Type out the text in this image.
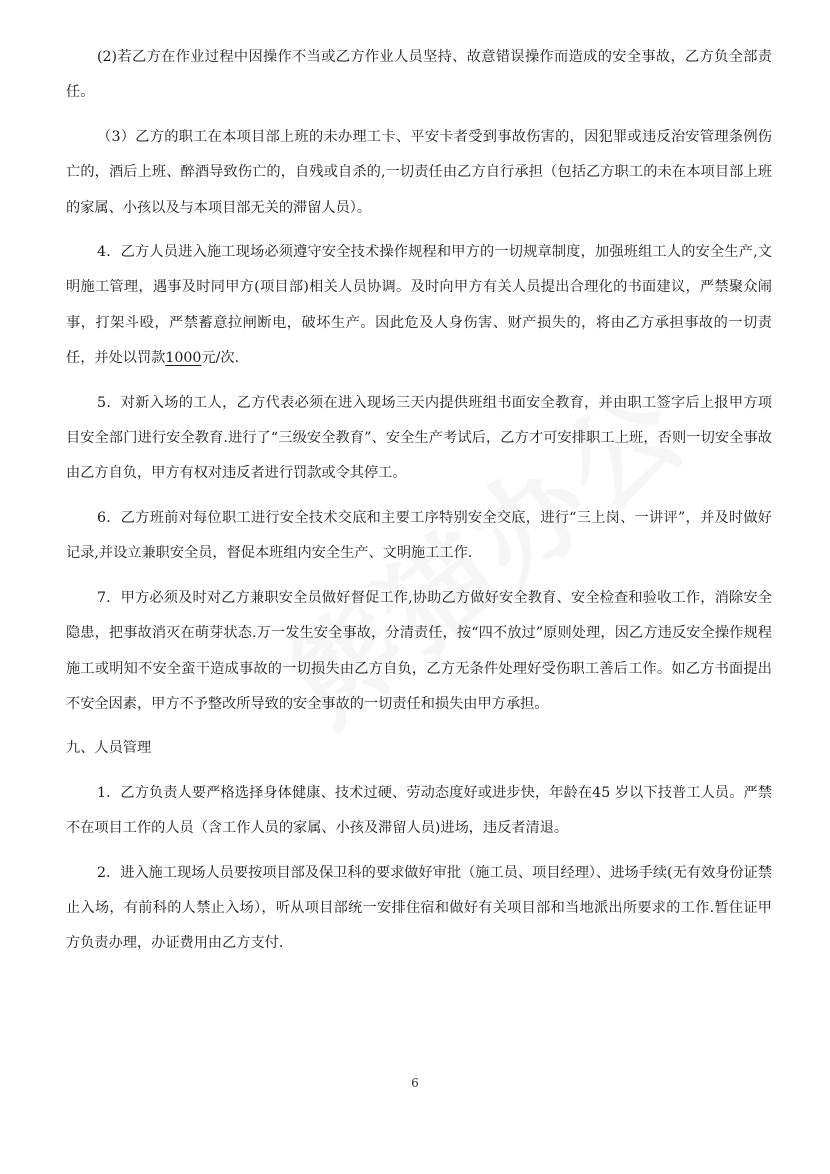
(2)若乙方在作业过程中因操作不当或乙方作业人员坚持、故意错误操作而造成的安全事故，乙方负全部责任。

（3）乙方的职工在本项目部上班的未办理工卡、平安卡者受到事故伤害的，因犯罪或违反治安管理条例伤亡的，酒后上班、醉酒导致伤亡的，自残或自杀的,一切责任由乙方自行承担（包括乙方职工的未在本项目部上班的家属、小孩以及与本项目部无关的滞留人员）。

4．乙方人员进入施工现场必须遵守安全技术操作规程和甲方的一切规章制度，加强班组工人的安全生产,文明施工管理，遇事及时同甲方(项目部)相关人员协调。及时向甲方有关人员提出合理化的书面建议，严禁聚众闹事，打架斗殴，严禁蓄意拉闸断电，破坏生产。因此危及人身伤害、财产损失的，将由乙方承担事故的一切责任，并处以罚款1000元/次.

5．对新入场的工人，乙方代表必须在进入现场三天内提供班组书面安全教育，并由职工签字后上报甲方项目安全部门进行安全教育.进行了“三级安全教育”、安全生产考试后，乙方才可安排职工上班，否则一切安全事故由乙方自负，甲方有权对违反者进行罚款或令其停工。

6．乙方班前对每位职工进行安全技术交底和主要工序特别安全交底，进行“三上岗、一讲评”，并及时做好记录,并设立兼职安全员，督促本班组内安全生产、文明施工工作.

7．甲方必须及时对乙方兼职安全员做好督促工作,协助乙方做好安全教育、安全检查和验收工作，消除安全隐患，把事故消灭在萌芽状态.万一发生安全事故，分清责任，按“四不放过”原则处理，因乙方违反安全操作规程施工或明知不安全蛮干造成事故的一切损失由乙方自负，乙方无条件处理好受伤职工善后工作。如乙方书面提出不安全因素，甲方不予整改所导致的安全事故的一切责任和损失由甲方承担。

九、人员管理

1．乙方负责人要严格选择身体健康、技术过硬、劳动态度好或进步快，年龄在45 岁以下技普工人员。严禁不在项目工作的人员（含工作人员的家属、小孩及滞留人员)进场，违反者清退。

2．进入施工现场人员要按项目部及保卫科的要求做好审批（施工员、项目经理）、进场手续(无有效身份证禁止入场，有前科的人禁止入场），听从项目部统一安排住宿和做好有关项目部和当地派出所要求的工作.暂住证甲方负责办理，办证费用由乙方支付.

6
